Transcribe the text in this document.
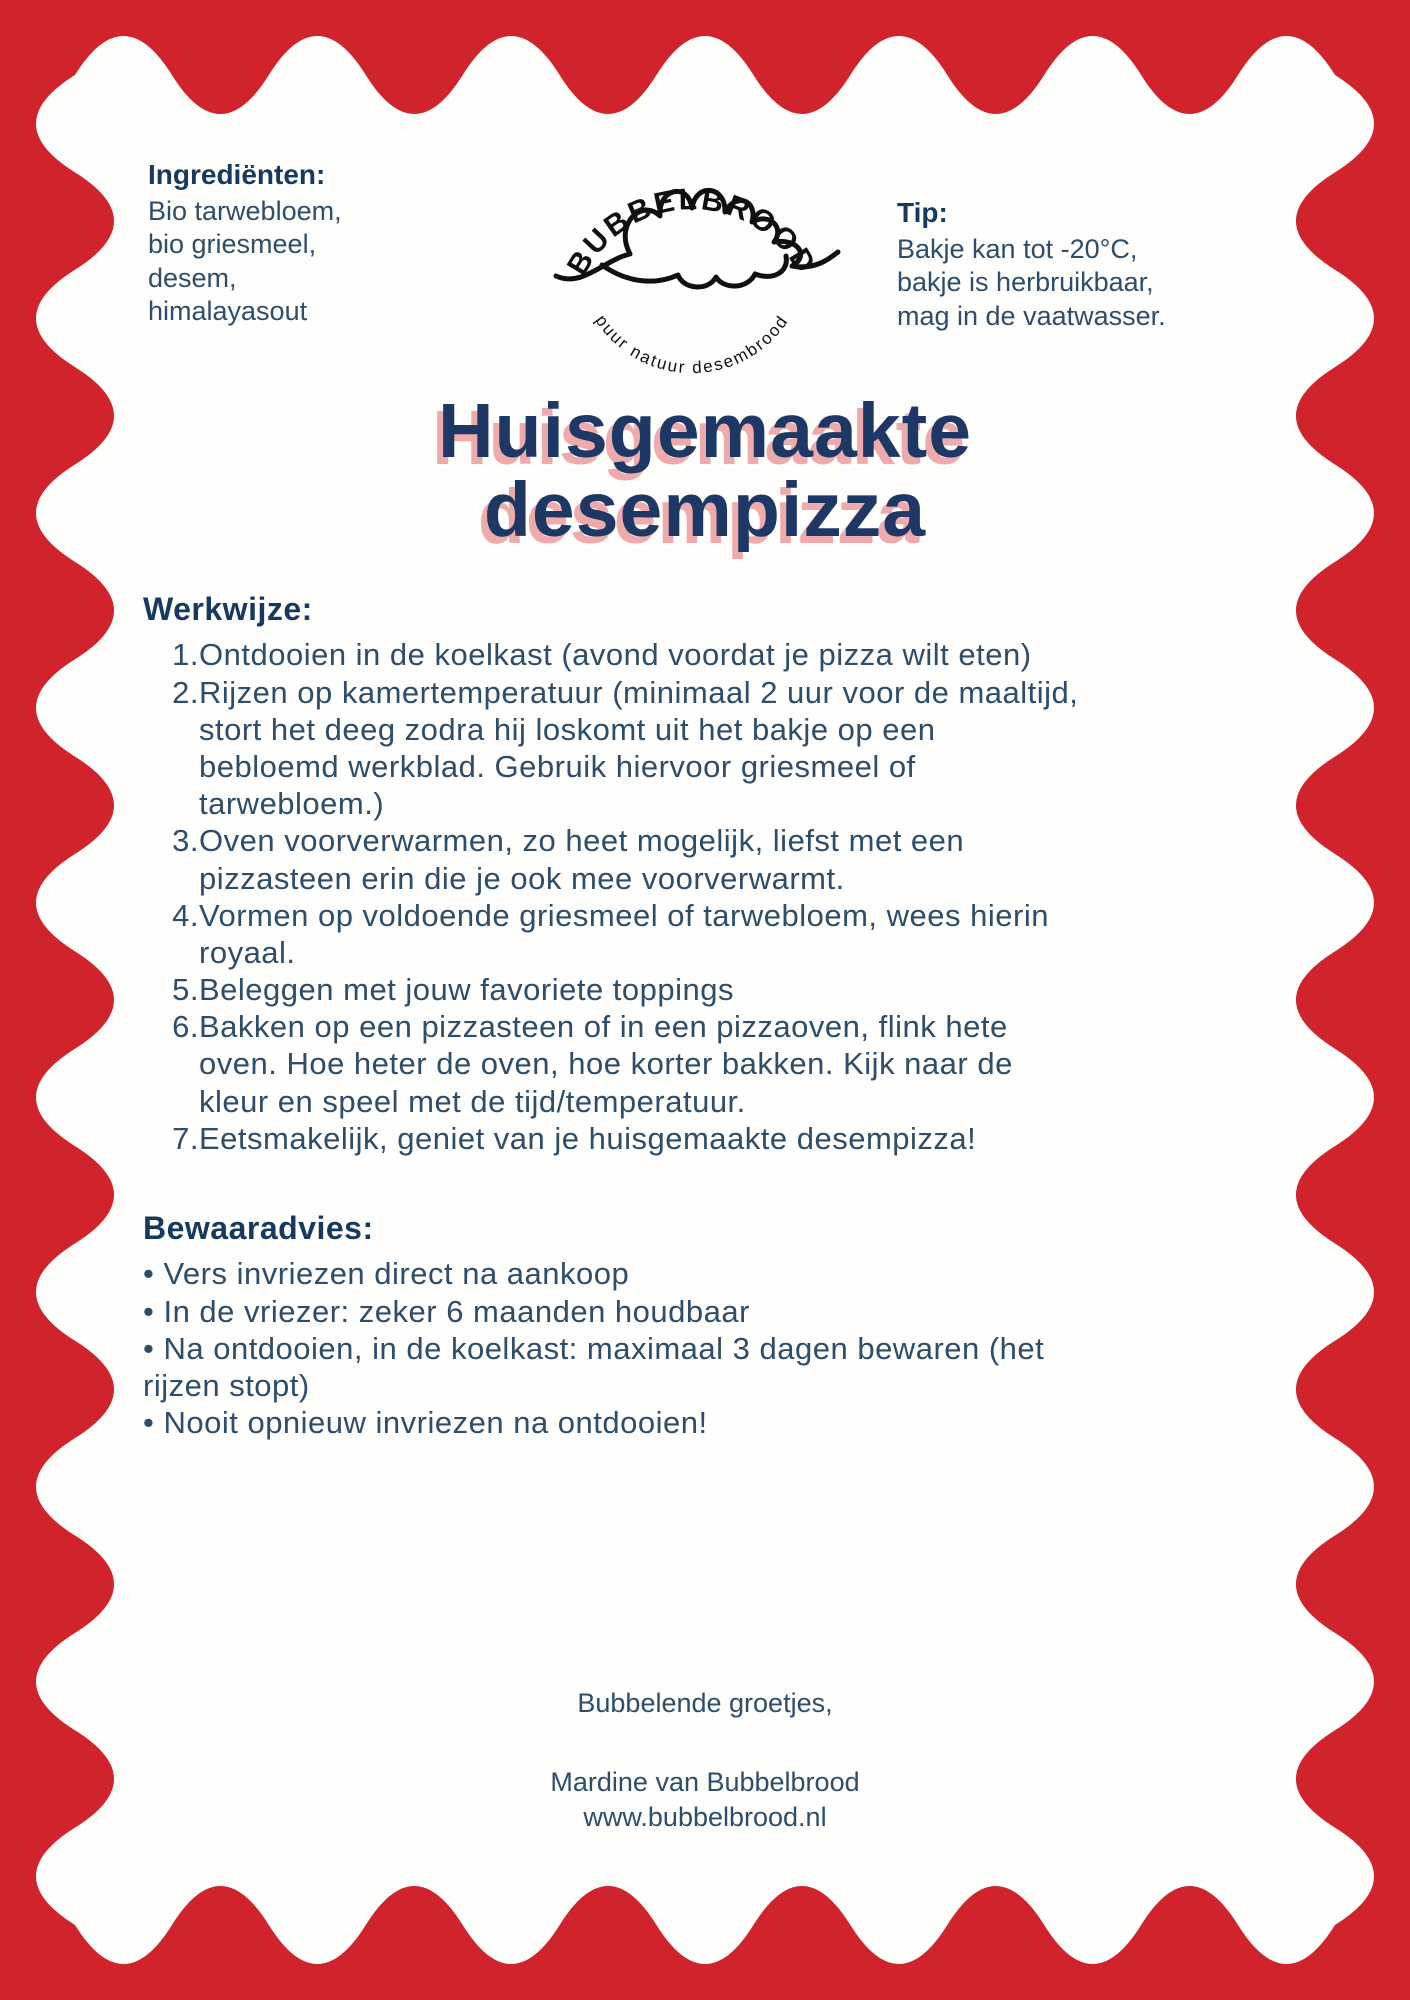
Ingrediënten:
Bio tarwebloem,
bio griesmeel,
desem,
himalayasout
BUBBELBROOD
puur natuur desembrood
Tip:
Bakje kan tot -20°C,
bakje is herbruikbaar,
mag in de vaatwasser.
Huisgemaakte
desempizza
Werkwijze:
Ontdooien in de koelkast (avond voordat je pizza wilt eten)
Rijzen op kamertemperatuur (minimaal 2 uur voor de maaltijd, stort het deeg zodra hij loskomt uit het bakje op een bebloemd werkblad. Gebruik hiervoor griesmeel of tarwebloem.)
Oven voorverwarmen, zo heet mogelijk, liefst met een pizzasteen erin die je ook mee voorverwarmt.
Vormen op voldoende griesmeel of tarwebloem, wees hierin royaal.
Beleggen met jouw favoriete toppings
Bakken op een pizzasteen of in een pizzaoven, flink hete oven. Hoe heter de oven, hoe korter bakken. Kijk naar de kleur en speel met de tijd/temperatuur.
Eetsmakelijk, geniet van je huisgemaakte desempizza!
Bewaaradvies:
• Vers invriezen direct na aankoop
• In de vriezer: zeker 6 maanden houdbaar
• Na ontdooien, in de koelkast: maximaal 3 dagen bewaren (het rijzen stopt)
• Nooit opnieuw invriezen na ontdooien!
Bubbelende groetjes,
Mardine van Bubbelbrood
www.bubbelbrood.nl
